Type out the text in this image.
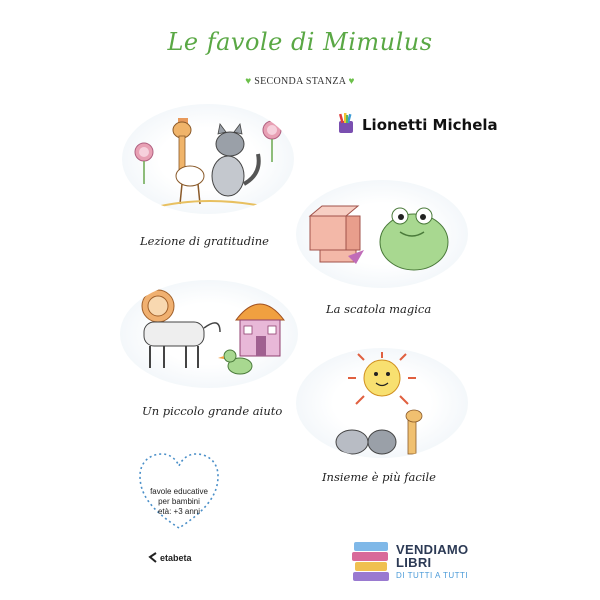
Le favole di Mimulus
♥ SECONDA STANZA ♥
Lionetti Michela
Lezione di gratitudine
La scatola magica
Un piccolo grande aiuto
Insieme è più facile
favole educative
per bambini
età: +3 anni
etabeta
VENDIAMO
LIBRI
DI TUTTI A TUTTI
